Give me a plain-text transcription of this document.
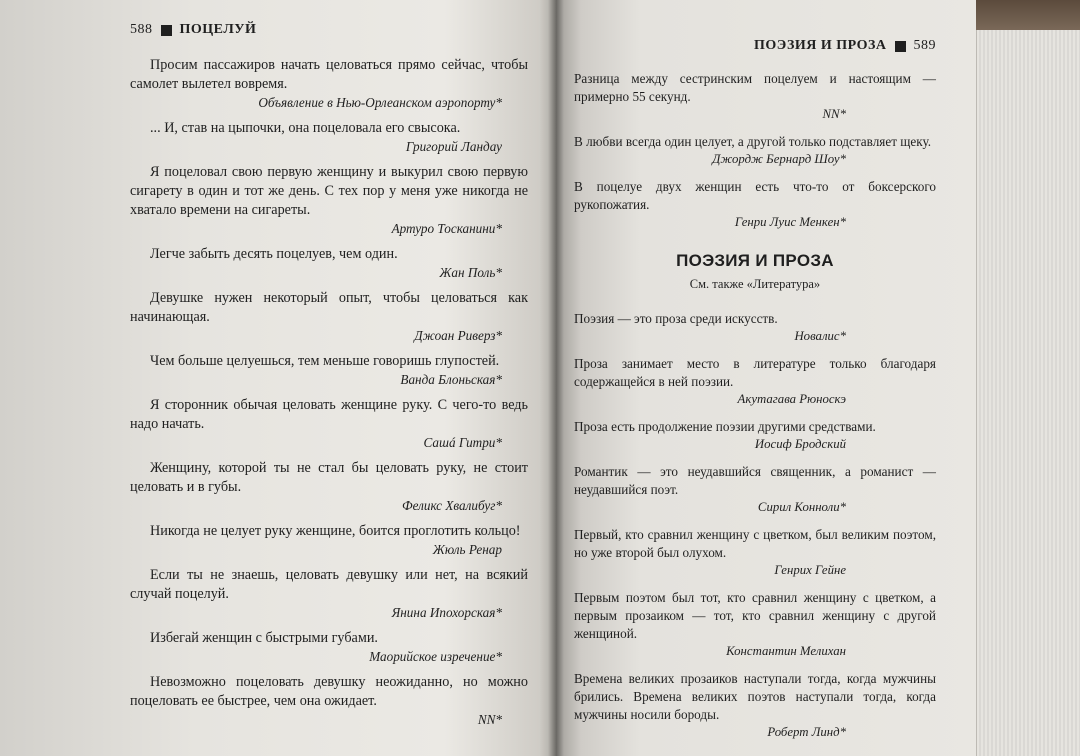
588 ПОЦЕЛУЙ
Просим пассажиров начать целоваться прямо сейчас, чтобы самолет вылетел вовремя.
Объявление в Нью-Орлеанском аэропорту*
... И, став на цыпочки, она поцеловала его свысока.
Григорий Ландау
Я поцеловал свою первую женщину и выкурил свою первую сигарету в один и тот же день. С тех пор у меня уже никогда не хватало времени на сигареты.
Артуро Тосканини*
Легче забыть десять поцелуев, чем один.
Жан Поль*
Девушке нужен некоторый опыт, чтобы целоваться как начинающая.
Джоан Риверз*
Чем больше целуешься, тем меньше говоришь глупостей.
Ванда Блоньская*
Я сторонник обычая целовать женщине руку. С чего-то ведь надо начать.
Сашá Гитри*
Женщину, которой ты не стал бы целовать руку, не стоит целовать и в губы.
Феликс Хвалибуг*
Никогда не целует руку женщине, боится проглотить кольцо!
Жюль Ренар
Если ты не знаешь, целовать девушку или нет, на всякий случай поцелуй.
Янина Ипохорская*
Избегай женщин с быстрыми губами.
Маорийское изречение*
Невозможно поцеловать девушку неожиданно, но можно поцеловать ее быстрее, чем она ожидает.
NN*
ПОЭЗИЯ И ПРОЗА 589
Разница между сестринским поцелуем и настоящим — примерно 55 секунд.
NN*
В любви всегда один целует, а другой только подставляет щеку.
Джордж Бернард Шоу*
В поцелуе двух женщин есть что-то от боксерского рукопожатия.
Генри Луис Менкен*
ПОЭЗИЯ И ПРОЗА
См. также «Литература»
Поэзия — это проза среди искусств.
Новалис*
Проза занимает место в литературе только благодаря содержащейся в ней поэзии.
Акутагава Рюноскэ
Проза есть продолжение поэзии другими средствами.
Иосиф Бродский
Романтик — это неудавшийся священник, а романист — неудавшийся поэт.
Сирил Конноли*
Первый, кто сравнил женщину с цветком, был великим поэтом, но уже второй был олухом.
Генрих Гейне
Первым поэтом был тот, кто сравнил женщину с цветком, а первым прозаиком — тот, кто сравнил женщину с другой женщиной.
Константин Мелихан
Времена великих прозаиков наступали тогда, когда мужчины брились. Времена великих поэтов наступали тогда, когда мужчины носили бороды.
Роберт Линд*
